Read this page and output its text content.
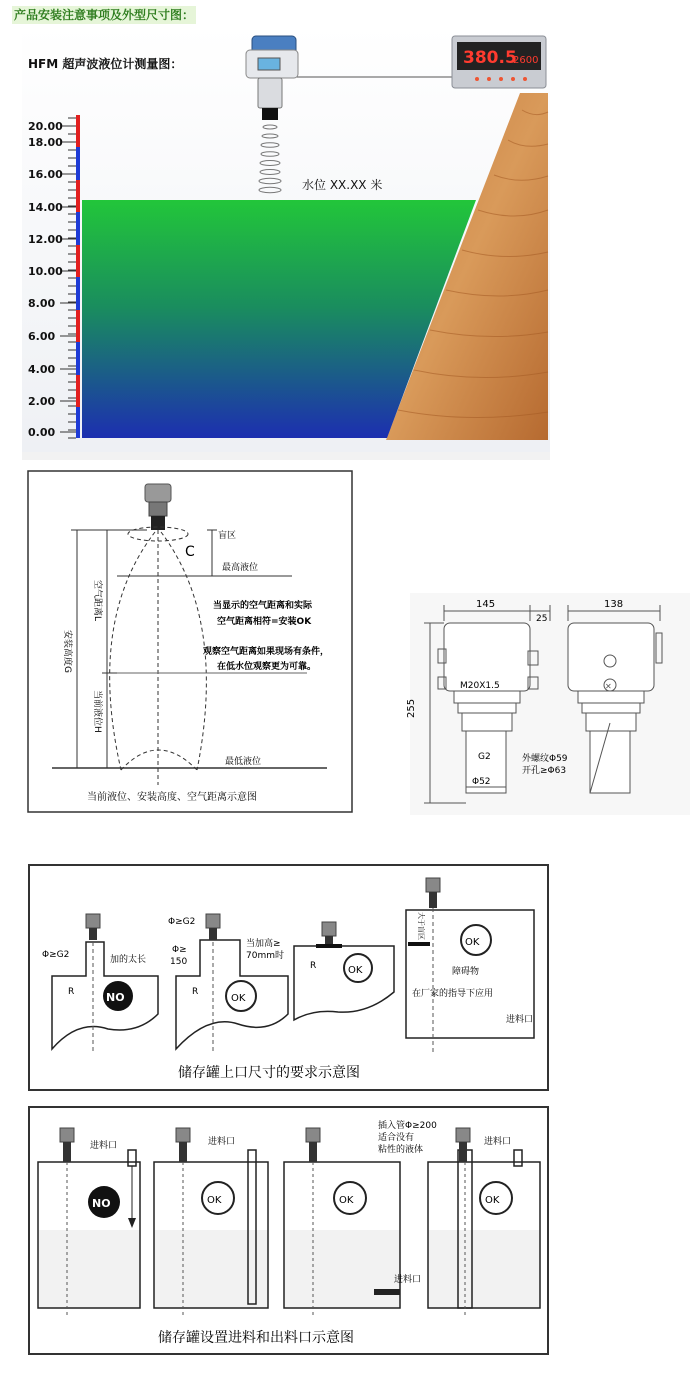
产品安装注意事项及外型尺寸图：
380.5
2600
HFM 超声波液位计测量图：
水位 XX.XX 米
20.00
18.00
16.00
14.00
12.00
10.00
8.00
6.00
4.00
2.00
0.00
盲区
C
最高液位
最低液位
安装高度G
空气距离L
当前液位H
当显示的空气距离和实际
空气距离相符=安装OK
观察空气距离如果现场有条件，
在低水位观察更为可靠。
当前液位、安装高度、空气距离示意图
✕
145
25
138
255
M20X1.5
G2
Φ52
外螺纹Φ59
开孔≥Φ63
NO
Φ≥G2	加的太长
R
OK
Φ≥G2
Φ≥
150
当加高≥
70mm时
R
OK
R
OK
大于盲区
障碍物
在厂家的指导下应用
进料口
储存罐上口尺寸的要求示意图
NO	OK	OK	OK
进料口	进料口
进料口
插入管Φ≥200
适合没有
粘性的液体
进料口
储存罐设置进料和出料口示意图
